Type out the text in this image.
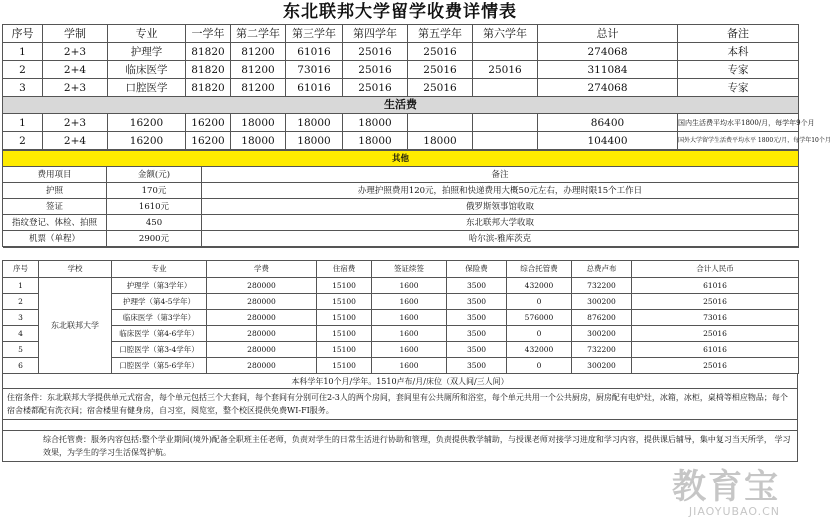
东北联邦大学留学收费详情表
序号	学制	专业	一学年	第二学年	第三学年	第四学年	第五学年	第六学年	总计	备注
1	2+3	护理学	81820	81200	61016	25016	25016		274068	本科
2	2+4	临床医学	81820	81200	73016	25016	25016	25016	311084	专家
3	2+3	口腔医学	81820	81200	61016	25016	25016		274068	专家
生活费										
1	2+3	16200	16200	18000	18000	18000			86400	国内生活费平均水平1800/月，每学年9个月
2	2+4	16200	16200	18000	18000	18000	18000		104400	国外大学留学生活费平均水平 1800元/月，每学年10个月
其他		
费用项目	金额(元)	备注
护照	170元	办理护照费用120元，拍照和快递费用大概50元左右，办理时限15个工作日
签证	1610元	俄罗斯领事馆收取
指纹登记、体检、拍照	450	东北联邦大学收取
机票（单程）	2900元	哈尔滨-雅库茨克

序号	学校	专业	学费	住宿费	签证续签	保险费	综合托管费	总费卢布	合计人民币
1	东北联邦大学	护理学（第3学年）	280000	15100	1600	3500	432000	732200	61016
2		护理学（第4-5学年）	280000	15100	1600	3500	0	300200	25016
3		临床医学（第3学年）	280000	15100	1600	3500	576000	876200	73016
4		临床医学（第4-6学年）	280000	15100	1600	3500	0	300200	25016
5		口腔医学（第3-4学年）	280000	15100	1600	3500	432000	732200	61016
6		口腔医学（第5-6学年）	280000	15100	1600	3500	0	300200	25016
本科学年10个月/学年。1510卢布/月/床位（双人间/三人间）
住宿条件：东北联邦大学提供单元式宿舍，每个单元包括三个大套间，每个套间有分别可住2-3人的两个房间，套间里有公共厕所和浴室，每个单元共用一个公共厨房，厨房配有电炉灶，冰箱，冰柜，桌椅等相应物品；每个宿舍楼都配有洗衣间；宿舍楼里有健身房，自习室，阅览室，整个校区提供免费WI-FI服务。

综合托管费：服务内容包括:整个学业期间(境外)配备全职班主任老师，负责对学生的日常生活进行协助和管理，负责提供教学辅助，与授课老师对接学习进度和学习内容，提供课后辅导，集中复习当天所学， 学习效果，为学生的学习生活保驾护航。
教育宝
JIAOYUBAO.CN
